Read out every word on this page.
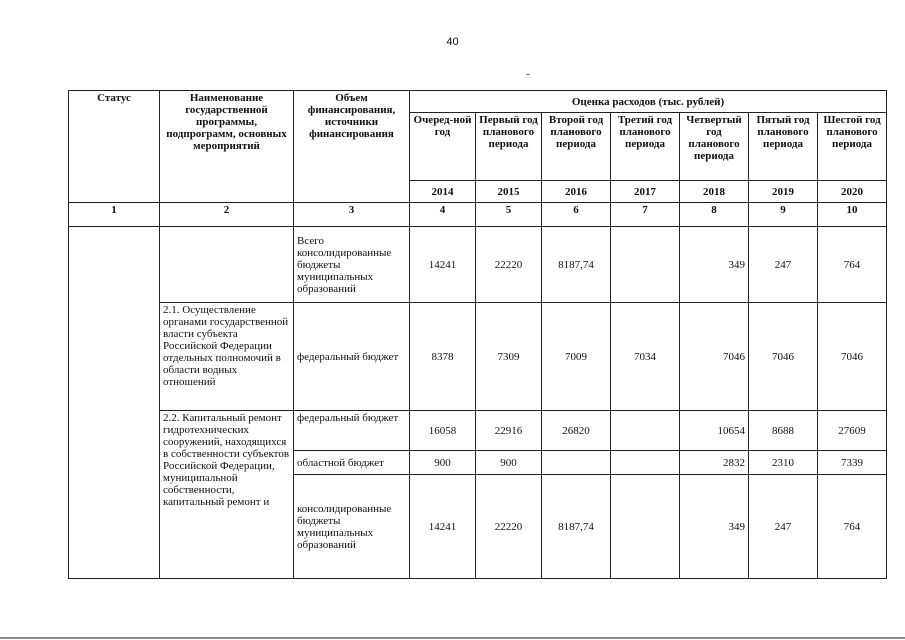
40
Статус	Наименование государственной программы, подпрограмм, основных мероприятий	Объем финансирования, источники финансирования	Оценка расходов (тыс. рублей)						
			Очеред-ной год	Первый год планового периода	Второй год планового периода	Третий год планового периода	Четвертый год планового периода	Пятый год планового периода	Шестой год планового периода
			2014	2015	2016	2017	2018	2019	2020
1	2	3	4	5	6	7	8	9	10
		Всего консолидированные бюджеты муниципальных образований	14241	22220	8187,74		349	247	764
	2.1. Осуществление органами государственной власти субъекта Российской Федерации отдельных полномочий в области водных отношений	федеральный бюджет	8378	7309	7009	7034	7046	7046	7046
	2.2. Капитальный ремонт гидротехнических сооружений, находящихся в собственности субъектов Российской Федерации, муниципальной собственности, капитальный ремонт и	федеральный бюджет	16058	22916	26820		10654	8688	27609
		областной бюджет	900	900			2832	2310	7339
		консолидированные бюджеты муниципальных образований	14241	22220	8187,74		349	247	764
